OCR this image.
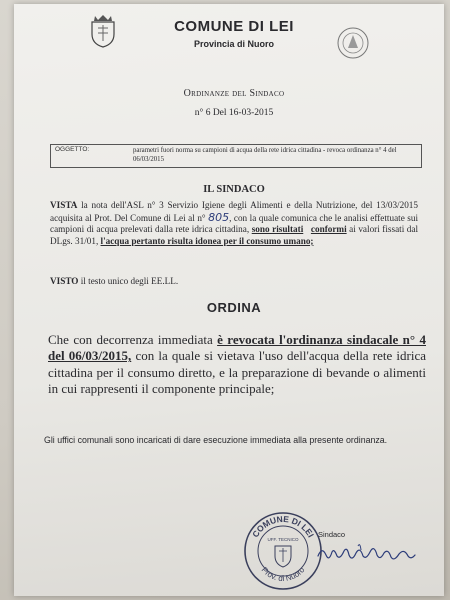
COMUNE DI LEI
Provincia di Nuoro
Ordinanze del Sindaco
n° 6 Del 16-03-2015
OGGETTO:	parametri fuori norma su campioni di acqua della rete idrica cittadina - revoca ordinanza n° 4 del 06/03/2015
IL SINDACO
VISTA la nota dell'ASL n° 3 Servizio Igiene degli Alimenti e della Nutrizione, del 13/03/2015 acquisita al Prot. Del Comune di Lei al n° 805, con la quale comunica che le analisi effettuate sui campioni di acqua prelevati dalla rete idrica cittadina, sono risultati conformi ai valori fissati dal DLgs. 31/01, l'acqua pertanto risulta idonea per il consumo umano;
VISTO il testo unico degli EE.LL.
ORDINA
Che con decorrenza immediata è revocata l'ordinanza sindacale n° 4 del 06/03/2015, con la quale si vietava l'uso dell'acqua della rete idrica cittadina per il consumo diretto, e la preparazione di bevande o alimenti in cui rappresenti il componente principale;
Gli uffici comunali sono incaricati di dare esecuzione immediata alla presente ordinanza.
COMUNE DI LEI
Prov. di Nuoro
UFF. TECNICO
Sindaco
